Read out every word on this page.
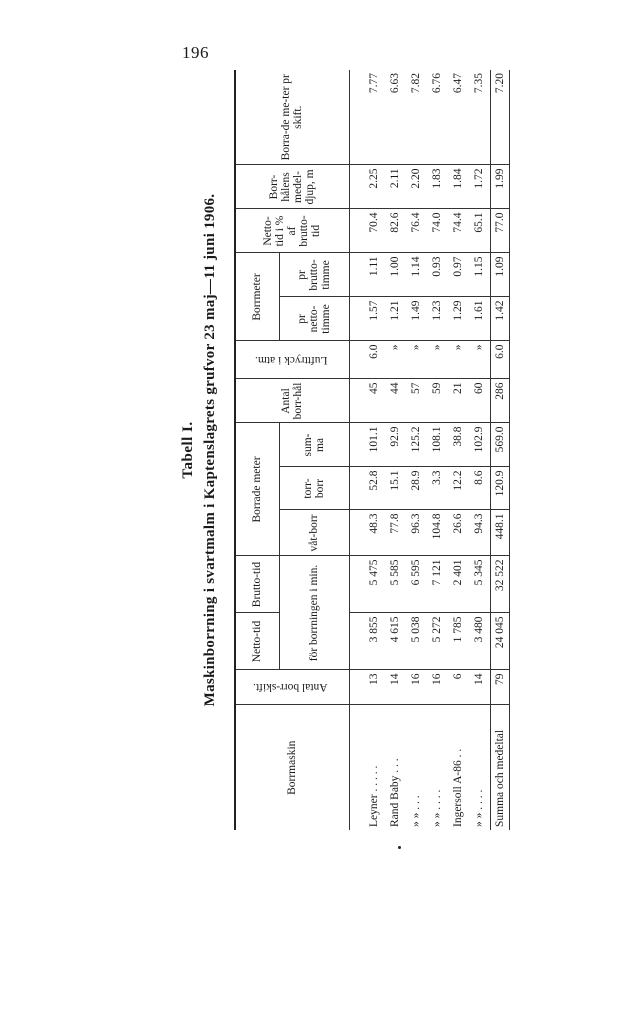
196
Tabell I. Maskinborrning i svartmalm i Kaptenslagrets grufvor 23 maj—11 juni 1906.
Borrmaskin	Antal borr-skift.	Netto-tid	Brutto-tid	Borrade meter			Antal borr-hål	Lufttryck i atm.	Borrmeter		Netto-tid i % af brutto-tid	Borr-hålens medel-djup, m	Borra-de me-ter pr skift.
		för borrningen i min.		våt-borr	torr-borr	sum-ma			pr netto-timme	pr brutto-timme			
Leyner . . . . .	13	3 855	5 475	48.3	52.8	101.1	45	6.0	1.57	1.11	70.4	2.25	7.77
Rand Baby . . .	14	4 615	5 585	77.8	15.1	92.9	44	»	1.21	1.00	82.6	2.11	6.63
» » . . .	16	5 038	6 595	96.3	28.9	125.2	57	»	1.49	1.14	76.4	2.20	7.82
» » . . . .	16	5 272	7 121	104.8	3.3	108.1	59	»	1.23	0.93	74.0	1.83	6.76
Ingersoll A-86 . .	6	1 785	2 401	26.6	12.2	38.8	21	»	1.29	0.97	74.4	1.84	6.47
» » . . . .	14	3 480	5 345	94.3	8.6	102.9	60	»	1.61	1.15	65.1	1.72	7.35
Summa och medeltal	79	24 045	32 522	448.1	120.9	569.0	286	6.0	1.42	1.09	77.0	1.99	7.20
